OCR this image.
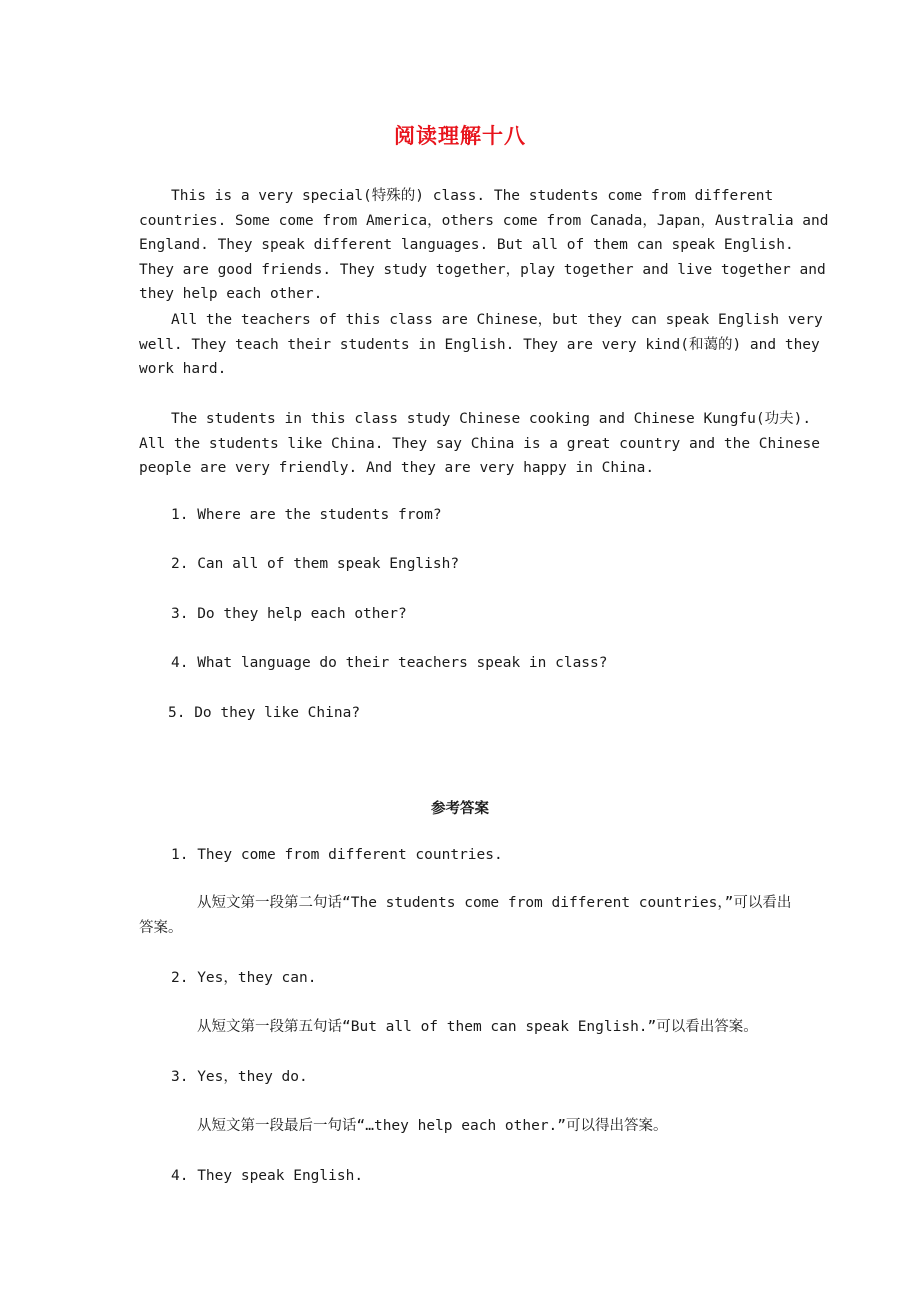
阅读理解十八

This is a very special(特殊的) class. The students come from different countries. Some come from America，others come from Canada，Japan，Australia and England. They speak different languages. But all of them can speak English. They are good friends. They study together，play together and live together and they help each other.

All the teachers of this class are Chinese，but they can speak English very well. They teach their students in English. They are very kind(和蔼的) and they work hard.

The students in this class study Chinese cooking and Chinese Kungfu(功夫). All the students like China. They say China is a great country and the Chinese people are very friendly. And they are very happy in China.

1. Where are the students from?
2. Can all of them speak English?
3. Do they help each other?
4. What language do their teachers speak in class?
5. Do they like China?
参考答案
1. They come from different countries.

从短文第一段第二句话“The students come from different countries，”可以看出答案。

2. Yes，they can.

从短文第一段第五句话“But all of them can speak English.”可以看出答案。

3. Yes，they do.

从短文第一段最后一句话“…they help each other.”可以得出答案。

4. They speak English.
